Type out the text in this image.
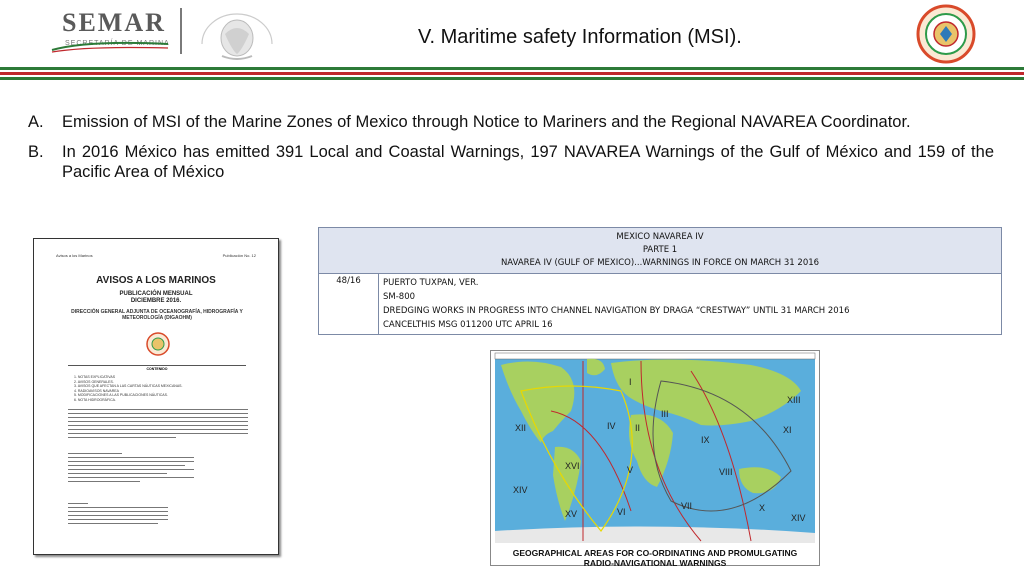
SEMAR
SECRETARÍA DE MARINA	V. Maritime safety Information (MSI).
A. Emission of MSI of the Marine Zones of Mexico through Notice to Mariners and the Regional NAVAREA Coordinator.
B. In 2016 México has emitted 391 Local and Coastal Warnings, 197 NAVAREA Warnings of the Gulf of México and 159 of the Pacific Area of México
Avisos a los Marinos	Publicación No. 12
AVISOS A LOS MARINOS
PUBLICACIÓN MENSUAL
DICIEMBRE 2016.
DIRECCIÓN GENERAL ADJUNTA DE OCEANOGRAFÍA, HIDROGRAFÍA Y METEOROLOGÍA (DIGAOHM)
CONTENIDO
1. NOTAS EXPLICATIVAS
2. AVISOS GENERALES.
3. AVISOS QUE AFECTAN A LAS CARTAS NÁUTICAS MEXICANAS.
4. RADIOAVISOS NAVAREA
5. MODIFICACIONES A LAS PUBLICACIONES NÁUTICAS.
6. NOTA HIDROGRÁFICA.
MEXICO NAVAREA IV
PARTE 1
NAVAREA IV (GULF OF MEXICO)...WARNINGS IN FORCE ON MARCH 31 2016

48/16	PUERTO TUXPAN, VER.
SM-800
DREDGING WORKS IN PROGRESS INTO CHANNEL NAVIGATION BY DRAGA “CRESTWAY” UNTIL 31 MARCH 2016
CANCELTHIS MSG 011200 UTC APRIL 16
I
II
III
IV
V
VI
VII
VIII
IX
X
XI
XII
XIII
XIV
XV
XVI
XIV
GEOGRAPHICAL AREAS FOR CO-ORDINATING AND PROMULGATING
RADIO-NAVIGATIONAL WARNINGS
